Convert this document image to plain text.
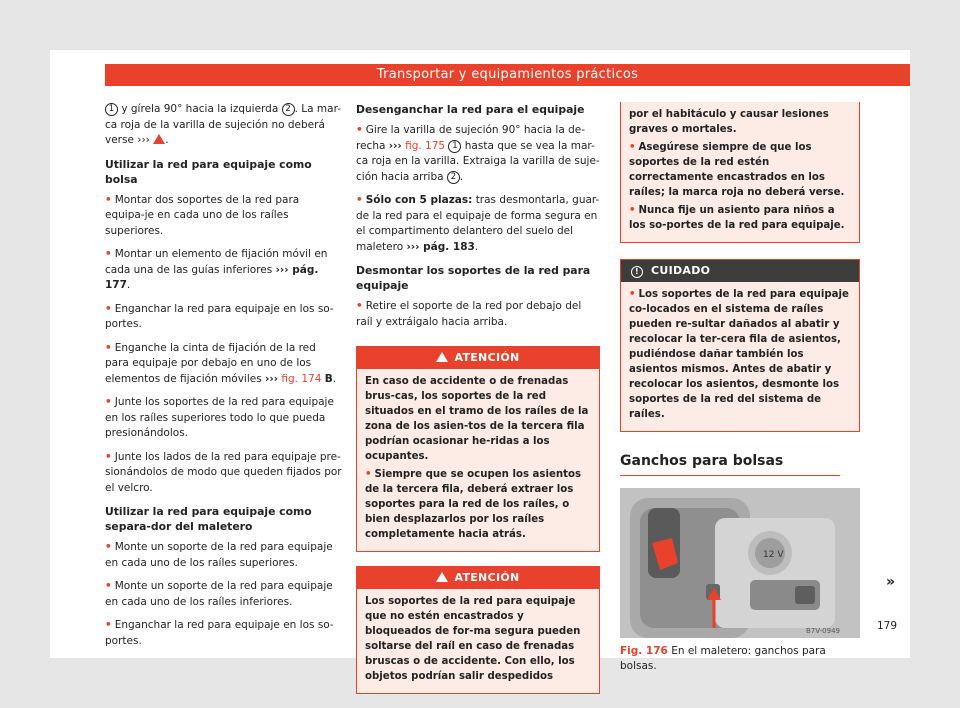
Transportar y equipamientos prácticos

1 y gírela 90° hacia la izquierda 2 . La mar-ca roja de la varilla de sujeción no deberá verse ››› .

Utilizar la red para equipaje como bolsa

• Montar dos soportes de la red para equipa-je en cada uno de los raíles superiores.

• Montar un elemento de fijación móvil en cada una de las guías inferiores ››› pág. 177.

• Enganchar la red para equipaje en los so-portes.

• Enganche la cinta de fijación de la red para equipaje por debajo en uno de los elementos de fijación móviles ››› fig. 174 B.

• Junte los soportes de la red para equipaje en los raíles superiores todo lo que pueda presionándolos.

• Junte los lados de la red para equipaje pre-sionándolos de modo que queden fijados por el velcro.

Utilizar la red para equipaje como separa-dor del maletero

• Monte un soporte de la red para equipaje en cada uno de los raíles superiores.

• Monte un soporte de la red para equipaje en cada uno de los raíles inferiores.

• Enganchar la red para equipaje en los so-portes.

Desenganchar la red para el equipaje

• Gire la varilla de sujeción 90° hacia la de-recha ››› fig. 175 1 hasta que se vea la mar-ca roja en la varilla. Extraiga la varilla de suje-ción hacia arriba 2 .

• Sólo con 5 plazas: tras desmontarla, guar-de la red para el equipaje de forma segura en el compartimento delantero del suelo del maletero ››› pág. 183.

Desmontar los soportes de la red para equipaje

• Retire el soporte de la red por debajo del raíl y extráigalo hacia arriba.

ATENCIÓN

En caso de accidente o de frenadas brus-cas, los soportes de la red situados en el tramo de los raíles de la zona de los asien-tos de la tercera fila podrían ocasionar he-ridas a los ocupantes.

• Siempre que se ocupen los asientos de la tercera fila, deberá extraer los soportes para la red de los raíles, o bien desplazarlos por los raíles completamente hacia atrás.

ATENCIÓN

Los soportes de la red para equipaje que no estén encastrados y bloqueados de for-ma segura pueden soltarse del raíl en caso de frenadas bruscas o de accidente. Con ello, los objetos podrían salir despedidos

por el habitáculo y causar lesiones graves o mortales.

• Asegúrese siempre de que los soportes de la red estén correctamente encastrados en los raíles; la marca roja no deberá verse.

• Nunca fije un asiento para niños a los so-portes de la red para equipaje.

! CUIDADO

• Los soportes de la red para equipaje co-locados en el sistema de raíles pueden re-sultar dañados al abatir y recolocar la ter-cera fila de asientos, pudiéndose dañar también los asientos mismos. Antes de abatir y recolocar los asientos, desmonte los soportes de la red del sistema de raíles.

Ganchos para bolsas
12 V
B7V-0949
Fig. 176 En el maletero: ganchos para bolsas.
»
179
